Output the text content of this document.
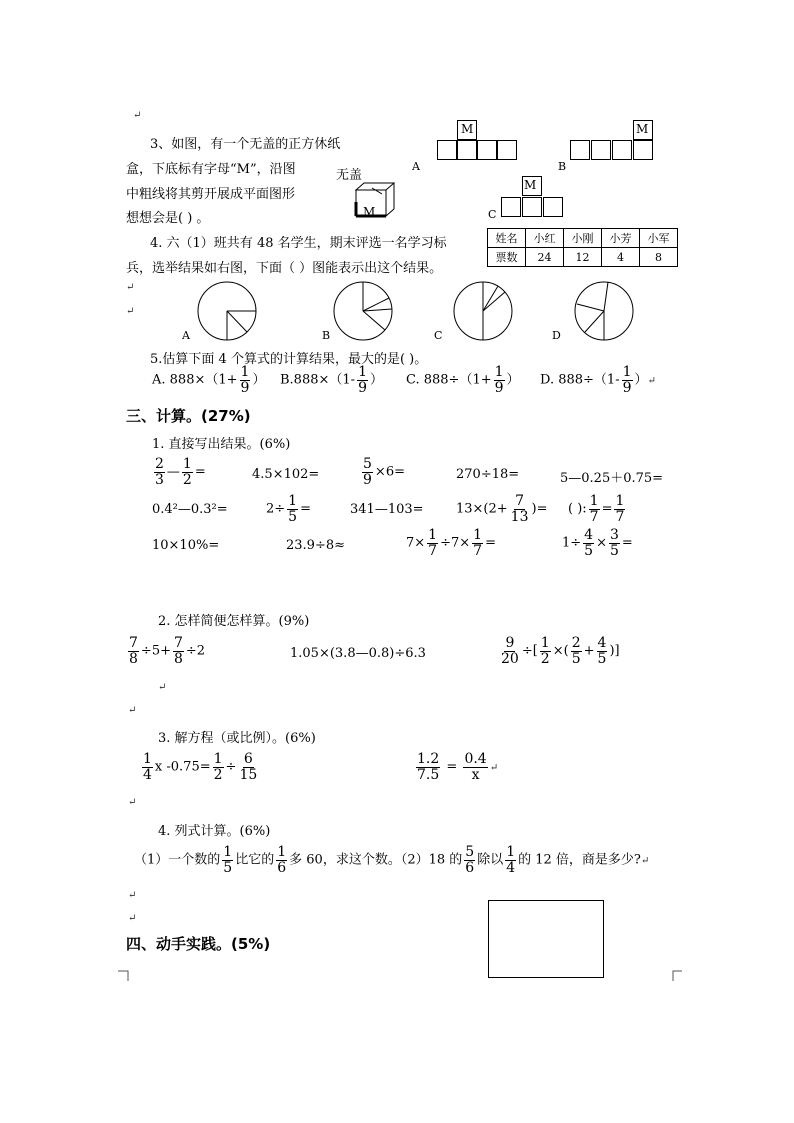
↵
3、如图，有一个无盖的正方休纸
盒，下底标有字母“M”，沿图
中粗线将其剪开展成平面图形
想想会是( ) 。
无盖
M
M
A
M
B
M
C
4. 六（1）班共有 48 名学生，期末评选一名学习标
兵，选举结果如右图，下面（ ）图能表示出这个结果。
姓名	小红	小刚	小芳	小军
票数	24	12	4	8
↵
↵
A	B	C	D
5.估算下面 4 个算式的计算结果，最大的是( )。
A. $888\times(1+ \frac{1}{9}$ ） $B.888\times(1- \frac{1}{9}$ ） C. $888\div(1+ \frac{1}{9}$ ） D. $888\div(1- \frac{1}{9}$ ）↵
三、计算。(27%)
1. 直接写出结果。(6%)
$\frac{2}{3}$ — $\frac{1}{2}$ =	4.5×102=	$\frac{5}{9} \times 6=$	270÷18=	5—0.25＋0.75=
0.4²—0.3²=	$2\div \frac{1}{5}$ =	341—103= $13\times(2+ \frac{7}{13}$ )= ( ): $\frac{1}{7} = \frac{1}{7}$
10×10%=	23.9÷8≈	$7\times \frac{1}{7} \div 7\times \frac{1}{7}$ =	$1\div \frac{4}{5} \times \frac{3}{5}$ =
2. 怎样简便怎样算。(9%)
$\frac{7}{8} \div 5+ \frac{7}{8} \div 2$	1.05×(3.8—0.8)÷6.3	$\frac{9}{20}$ ÷[ $\frac{1}{2}$ ×( $\frac{2}{5} + \frac{4}{5}$ )]
↵
↵
3. 解方程（或比例）。(6%)
$\frac{1}{4}$ x $-0.75= \frac{1}{2} \div \frac{6}{15}$	$\frac{1.2}{7.5} = \frac{0.4}{x}$ ↵
↵
4. 列式计算。(6%)
（1）一个数的 $\frac{1}{5}$ 比它的 $\frac{1}{6}$ 多 60，求这个数。（2）18 的 $\frac{5}{6}$ 除以 $\frac{1}{4}$ 的 12 倍，商是多少?↵
↵
↵
四、动手实践。(5%)
